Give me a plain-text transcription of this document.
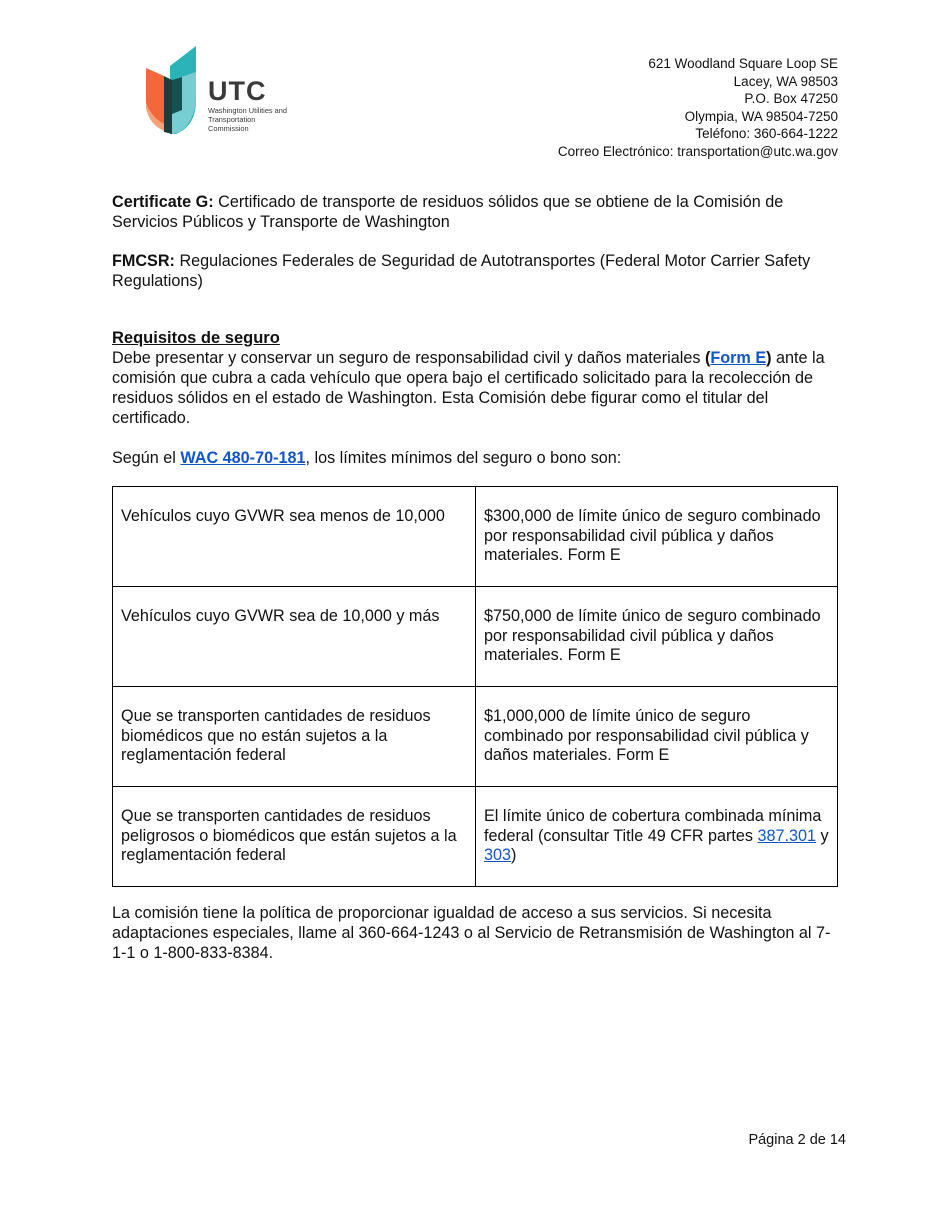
UTC
Washington Utilities and Transportation Commission
621 Woodland Square Loop SE
Lacey, WA 98503
P.O. Box 47250
Olympia, WA 98504-7250
Teléfono: 360-664-1222
Correo Electrónico: transportation@utc.wa.gov
Certificate G: Certificado de transporte de residuos sólidos que se obtiene de la Comisión de Servicios Públicos y Transporte de Washington
FMCSR: Regulaciones Federales de Seguridad de Autotransportes (Federal Motor Carrier Safety Regulations)
Requisitos de seguro
Debe presentar y conservar un seguro de responsabilidad civil y daños materiales (Form E) ante la comisión que cubra a cada vehículo que opera bajo el certificado solicitado para la recolección de residuos sólidos en el estado de Washington. Esta Comisión debe figurar como el titular del certificado.
Según el WAC 480-70-181, los límites mínimos del seguro o bono son:
Vehículos cuyo GVWR sea menos de 10,000	$300,000 de límite único de seguro combinado por responsabilidad civil pública y daños materiales. Form E
Vehículos cuyo GVWR sea de 10,000 y más	$750,000 de límite único de seguro combinado por responsabilidad civil pública y daños materiales. Form E
Que se transporten cantidades de residuos biomédicos que no están sujetos a la reglamentación federal	$1,000,000 de límite único de seguro combinado por responsabilidad civil pública y daños materiales. Form E
Que se transporten cantidades de residuos peligrosos o biomédicos que están sujetos a la reglamentación federal	El límite único de cobertura combinada mínima federal (consultar Title 49 CFR partes 387.301 y 303)
La comisión tiene la política de proporcionar igualdad de acceso a sus servicios. Si necesita adaptaciones especiales, llame al 360-664-1243 o al Servicio de Retransmisión de Washington al 7-1-1 o 1-800-833-8384.
Página 2 de 14
